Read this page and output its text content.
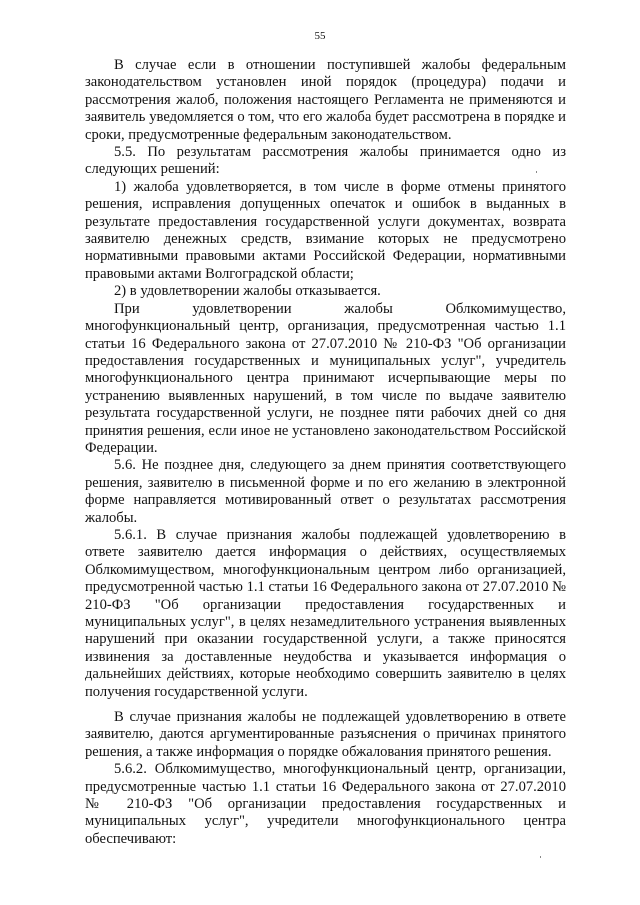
55

В случае если в отношении поступившей жалобы федеральным законодательством установлен иной порядок (процедура) подачи и рассмотрения жалоб, положения настоящего Регламента не применяются и заявитель уведомляется о том, что его жалоба будет рассмотрена в порядке и сроки, предусмотренные федеральным законодательством.

5.5. По результатам рассмотрения жалобы принимается одно из следующих решений:

1) жалоба удовлетворяется, в том числе в форме отмены принятого решения, исправления допущенных опечаток и ошибок в выданных в результате предоставления государственной услуги документах, возврата заявителю денежных средств, взимание которых не предусмотрено нормативными правовыми актами Российской Федерации, нормативными правовыми актами Волгоградской области;

2) в удовлетворении жалобы отказывается.

При удовлетворении жалобы Облкомимущество, многофункциональный центр, организация, предусмотренная частью 1.1 статьи 16 Федерального закона от 27.07.2010 № 210-ФЗ "Об организации предоставления государственных и муниципальных услуг", учредитель многофункционального центра принимают исчерпывающие меры по устранению выявленных нарушений, в том числе по выдаче заявителю результата государственной услуги, не позднее пяти рабочих дней со дня принятия решения, если иное не установлено законодательством Российской Федерации.

5.6. Не позднее дня, следующего за днем принятия соответствующего решения, заявителю в письменной форме и по его желанию в электронной форме направляется мотивированный ответ о результатах рассмотрения жалобы.

5.6.1. В случае признания жалобы подлежащей удовлетворению в ответе заявителю дается информация о действиях, осуществляемых Облкомимуществом, многофункциональным центром либо организацией, предусмотренной частью 1.1 статьи 16 Федерального закона от 27.07.2010 № 210-ФЗ "Об организации предоставления государственных и муниципальных услуг", в целях незамедлительного устранения выявленных нарушений при оказании государственной услуги, а также приносятся извинения за доставленные неудобства и указывается информация о дальнейших действиях, которые необходимо совершить заявителю в целях получения государственной услуги.

В случае признания жалобы не подлежащей удовлетворению в ответе заявителю, даются аргументированные разъяснения о причинах принятого решения, а также информация о порядке обжалования принятого решения.

5.6.2. Облкомимущество, многофункциональный центр, организации, предусмотренные частью 1.1 статьи 16 Федерального закона от 27.07.2010 № 210-ФЗ "Об организации предоставления государственных и муниципальных услуг", учредители многофункционального центра обеспечивают:
